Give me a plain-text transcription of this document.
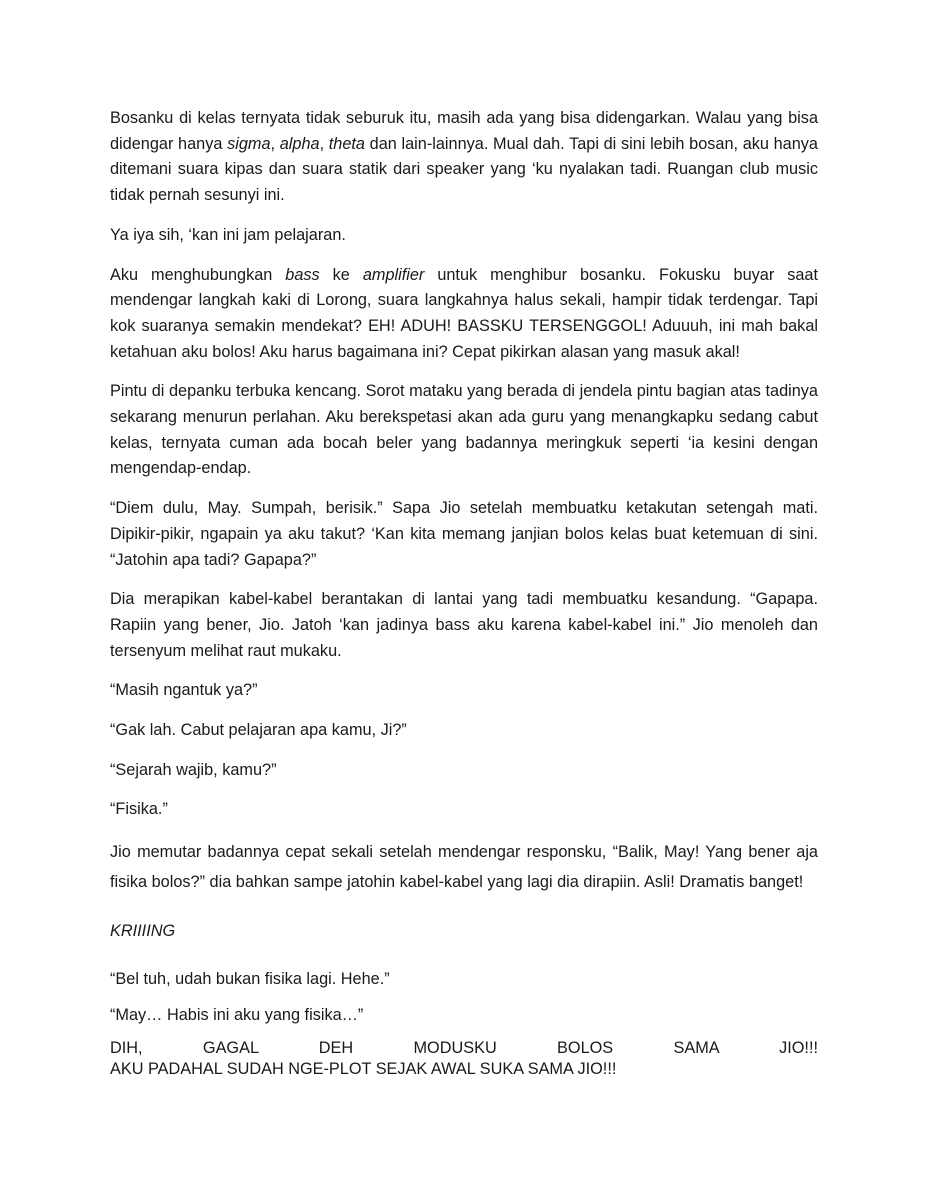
Bosanku di kelas ternyata tidak seburuk itu, masih ada yang bisa didengarkan. Walau yang bisa didengar hanya sigma, alpha, theta dan lain-lainnya. Mual dah. Tapi di sini lebih bosan, aku hanya ditemani suara kipas dan suara statik dari speaker yang ‘ku nyalakan tadi. Ruangan club music tidak pernah sesunyi ini.

Ya iya sih, ‘kan ini jam pelajaran.

Aku menghubungkan bass ke amplifier untuk menghibur bosanku. Fokusku buyar saat mendengar langkah kaki di Lorong, suara langkahnya halus sekali, hampir tidak terdengar. Tapi kok suaranya semakin mendekat? EH! ADUH! BASSKU TERSENGGOL! Aduuuh, ini mah bakal ketahuan aku bolos! Aku harus bagaimana ini? Cepat pikirkan alasan yang masuk akal!

Pintu di depanku terbuka kencang. Sorot mataku yang berada di jendela pintu bagian atas tadinya sekarang menurun perlahan. Aku berekspetasi akan ada guru yang menangkapku sedang cabut kelas, ternyata cuman ada bocah beler yang badannya meringkuk seperti ‘ia kesini dengan mengendap-endap.

“Diem dulu, May. Sumpah, berisik.” Sapa Jio setelah membuatku ketakutan setengah mati. Dipikir-pikir, ngapain ya aku takut? ‘Kan kita memang janjian bolos kelas buat ketemuan di sini. “Jatohin apa tadi? Gapapa?”

Dia merapikan kabel-kabel berantakan di lantai yang tadi membuatku kesandung. “Gapapa. Rapiin yang bener, Jio. Jatoh ‘kan jadinya bass aku karena kabel-kabel ini.” Jio menoleh dan tersenyum melihat raut mukaku.

“Masih ngantuk ya?”

“Gak lah. Cabut pelajaran apa kamu, Ji?”

“Sejarah wajib, kamu?”

“Fisika.”

Jio memutar badannya cepat sekali setelah mendengar responsku, “Balik, May! Yang bener aja fisika bolos?” dia bahkan sampe jatohin kabel-kabel yang lagi dia dirapiin. Asli! Dramatis banget!

KRIIIING

“Bel tuh, udah bukan fisika lagi. Hehe.”

“May… Habis ini aku yang fisika…”

DIH, GAGAL DEH MODUSKU BOLOS SAMA JIO!!!
AKU PADAHAL SUDAH NGE-PLOT SEJAK AWAL SUKA SAMA JIO!!!
